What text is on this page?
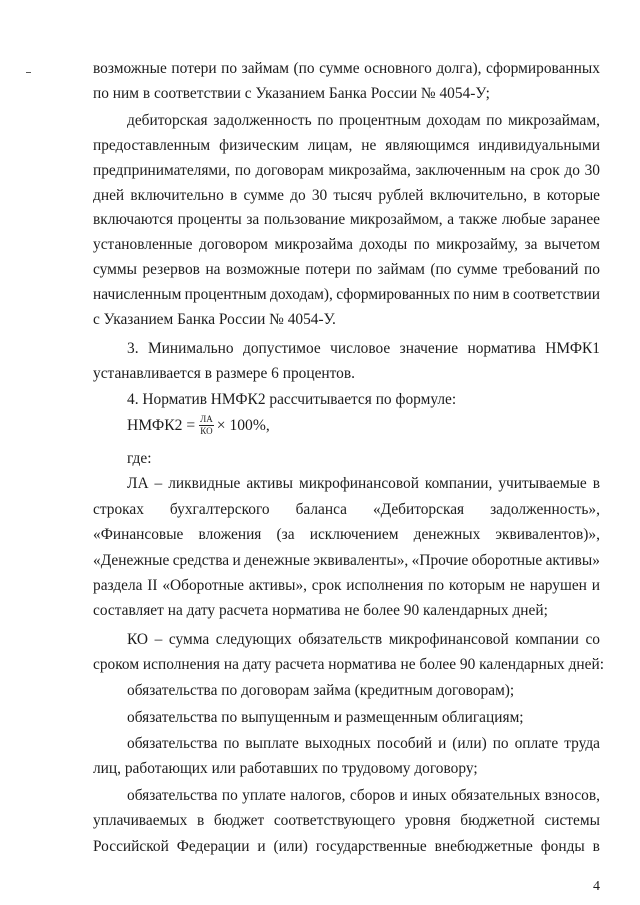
возможные потери по займам (по сумме основного долга), сформированных
по ним в соответствии с Указанием Банка России № 4054-У;
дебиторская задолженность по процентным доходам по микрозаймам,
предоставленным физическим лицам, не являющимся индивидуальными
предпринимателями, по договорам микрозайма, заключенным на срок до 30
дней включительно в сумме до 30 тысяч рублей включительно, в которые
включаются проценты за пользование микрозаймом, а также любые заранее
установленные договором микрозайма доходы по микрозайму, за вычетом
суммы резервов на возможные потери по займам (по сумме требований по
начисленным процентным доходам), сформированных по ним в соответствии
с Указанием Банка России № 4054-У.
3. Минимально допустимое числовое значение норматива НМФК1
устанавливается в размере 6 процентов.
4. Норматив НМФК2 рассчитывается по формуле:
НМФК2 = $\frac{ЛА}{КО} \times 100\%$,
где:
ЛА – ликвидные активы микрофинансовой компании, учитываемые в
строках бухгалтерского баланса «Дебиторская задолженность»,
«Финансовые вложения (за исключением денежных эквивалентов)»,
«Денежные средства и денежные эквиваленты», «Прочие оборотные активы»
раздела II «Оборотные активы», срок исполнения по которым не нарушен и
составляет на дату расчета норматива не более 90 календарных дней;
КО – сумма следующих обязательств микрофинансовой компании со
сроком исполнения на дату расчета норматива не более 90 календарных дней:
обязательства по договорам займа (кредитным договорам);
обязательства по выпущенным и размещенным облигациям;
обязательства по выплате выходных пособий и (или) по оплате труда
лиц, работающих или работавших по трудовому договору;
обязательства по уплате налогов, сборов и иных обязательных взносов,
уплачиваемых в бюджет соответствующего уровня бюджетной системы
Российской Федерации и (или) государственные внебюджетные фонды в
4
